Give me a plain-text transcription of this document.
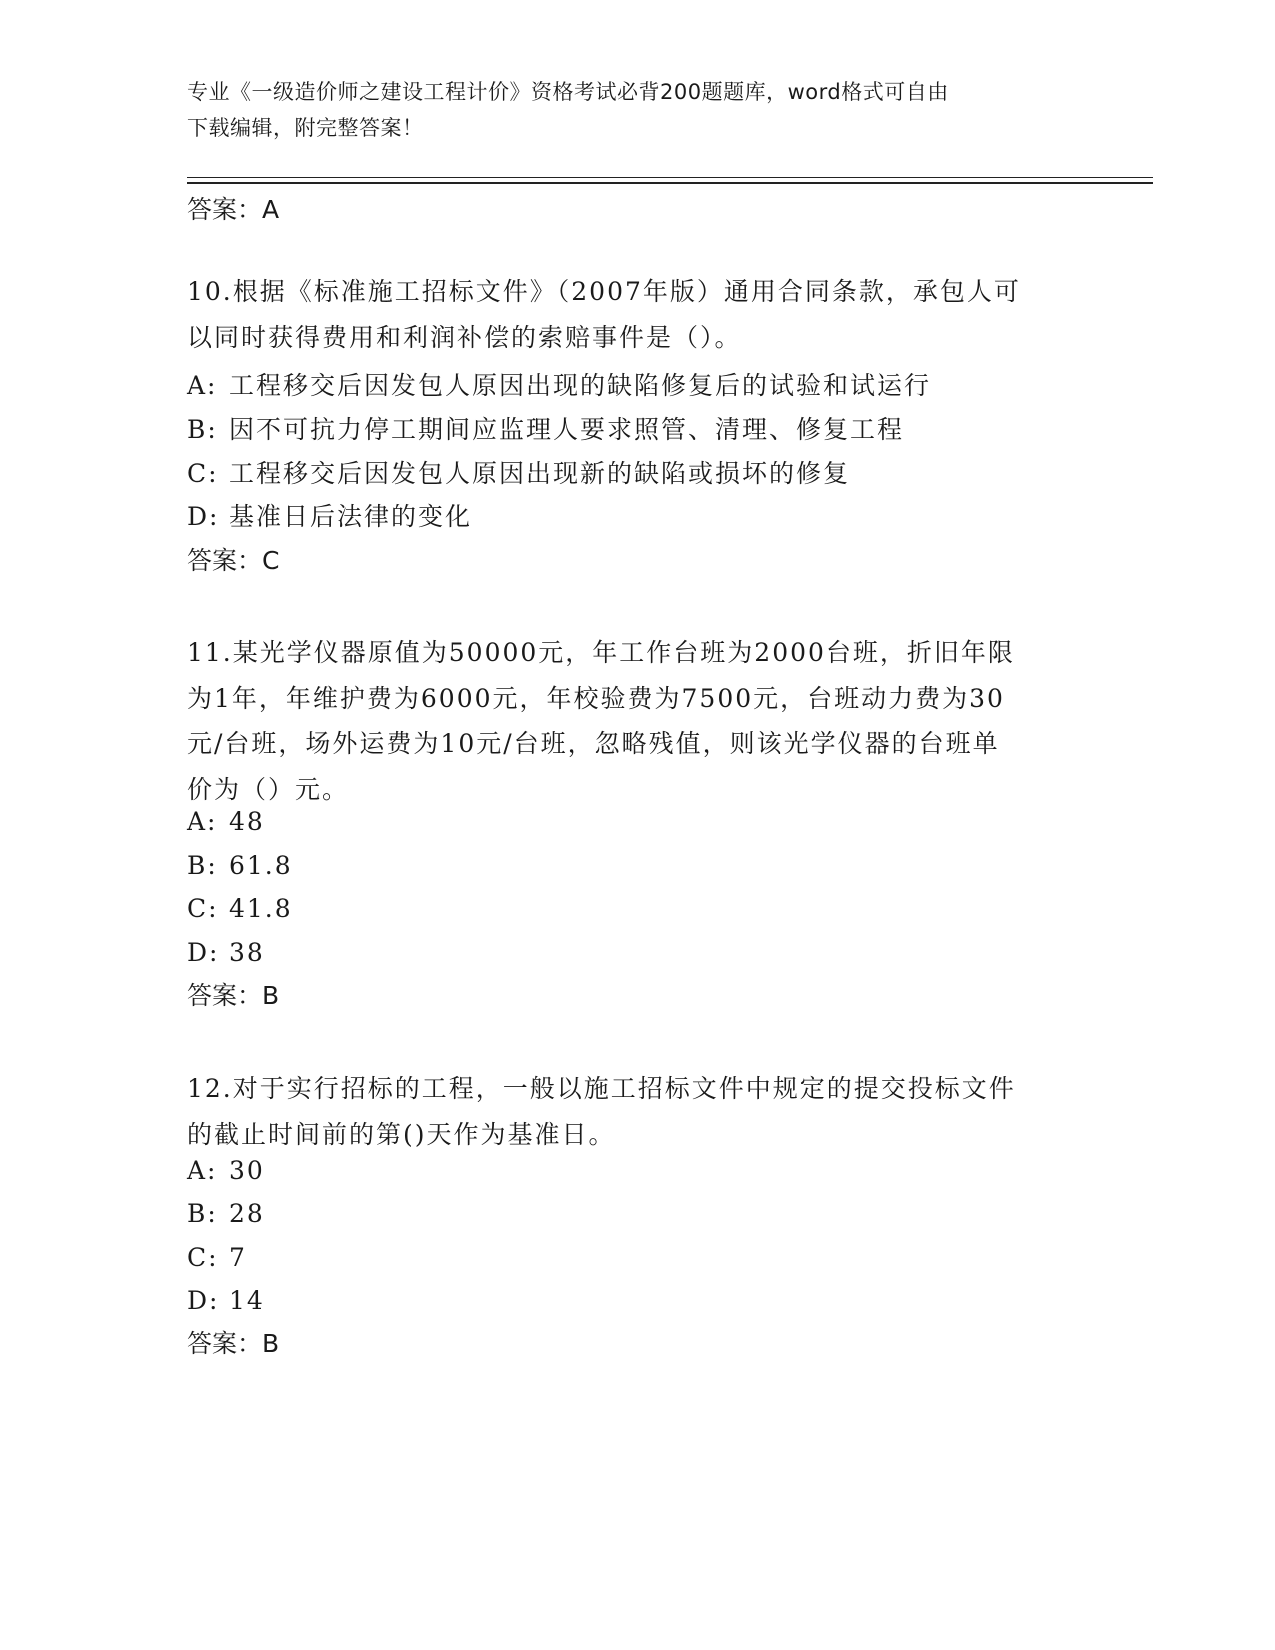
专业《一级造价师之建设工程计价》资格考试必背200题题库，word格式可自由
下载编辑，附完整答案！
答案：A
10.根据《标准施工招标文件》（2007年版）通用合同条款，承包人可
以同时获得费用和利润补偿的索赔事件是（）。
A: 工程移交后因发包人原因出现的缺陷修复后的试验和试运行
B: 因不可抗力停工期间应监理人要求照管、清理、修复工程
C: 工程移交后因发包人原因出现新的缺陷或损坏的修复
D: 基准日后法律的变化
答案：C
11.某光学仪器原值为50000元，年工作台班为2000台班，折旧年限
为1年，年维护费为6000元，年校验费为7500元，台班动力费为30
元/台班，场外运费为10元/台班，忽略残值，则该光学仪器的台班单
价为（）元。
A: 48
B: 61.8
C: 41.8
D: 38
答案：B
12.对于实行招标的工程，一般以施工招标文件中规定的提交投标文件
的截止时间前的第()天作为基准日。
A: 30
B: 28
C: 7
D: 14
答案：B
